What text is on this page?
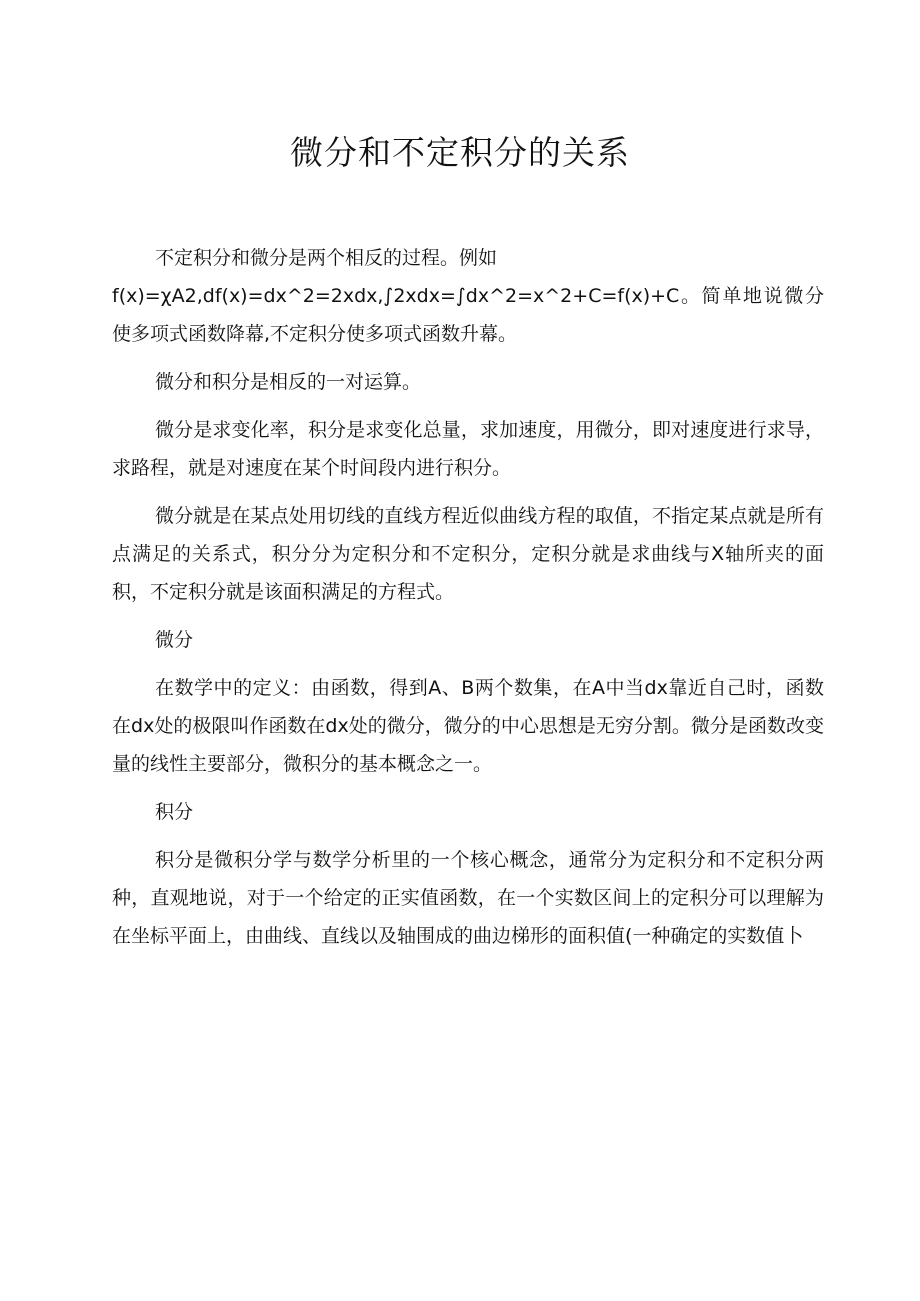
微分和不定积分的关系

不定积分和微分是两个相反的过程。例如

f(x)=χA2,df(x)=dx^2=2xdx,∫2xdx=∫dx^2=x^2+C=f(x)+C。简单地说微分使多项式函数降幕,不定积分使多项式函数升幕。

微分和积分是相反的一对运算。

微分是求变化率，积分是求变化总量，求加速度，用微分，即对速度进行求导，求路程，就是对速度在某个时间段内进行积分。

微分就是在某点处用切线的直线方程近似曲线方程的取值，不指定某点就是所有点满足的关系式，积分分为定积分和不定积分，定积分就是求曲线与X轴所夹的面积，不定积分就是该面积满足的方程式。

微分

在数学中的定义：由函数，得到A、B两个数集，在A中当dx靠近自己时，函数在dx处的极限叫作函数在dx处的微分，微分的中心思想是无穷分割。微分是函数改变量的线性主要部分，微积分的基本概念之一。

积分

积分是微积分学与数学分析里的一个核心概念，通常分为定积分和不定积分两种，直观地说，对于一个给定的正实值函数，在一个实数区间上的定积分可以理解为在坐标平面上，由曲线、直线以及轴围成的曲边梯形的面积值(一种确定的实数值卜
